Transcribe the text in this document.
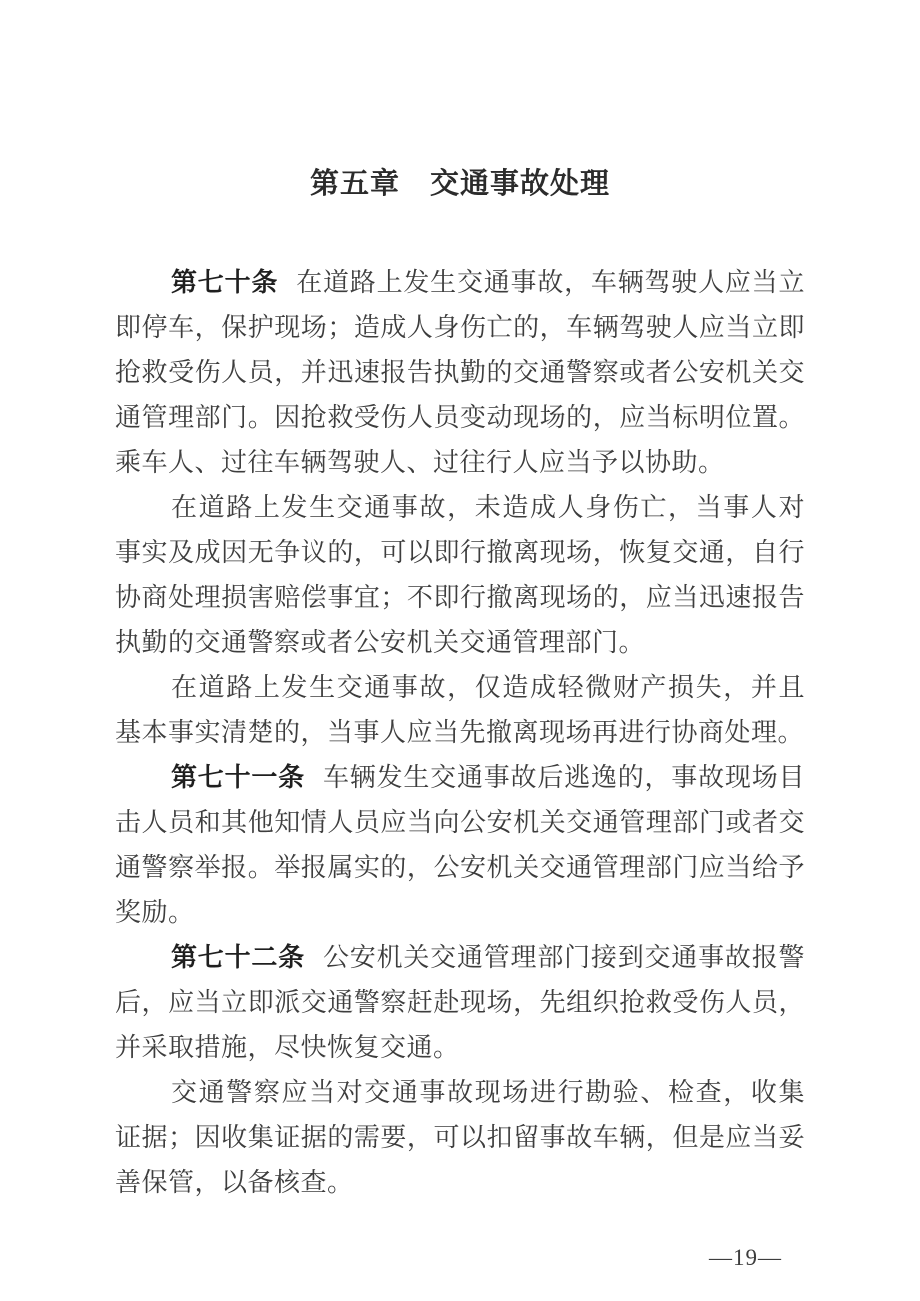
第五章　交通事故处理

第七十条 在道路上发生交通事故，车辆驾驶人应当立即停车，保护现场；造成人身伤亡的，车辆驾驶人应当立即抢救受伤人员，并迅速报告执勤的交通警察或者公安机关交通管理部门。因抢救受伤人员变动现场的，应当标明位置。乘车人、过往车辆驾驶人、过往行人应当予以协助。

在道路上发生交通事故，未造成人身伤亡，当事人对事实及成因无争议的，可以即行撤离现场，恢复交通，自行协商处理损害赔偿事宜；不即行撤离现场的，应当迅速报告执勤的交通警察或者公安机关交通管理部门。

在道路上发生交通事故，仅造成轻微财产损失，并且基本事实清楚的，当事人应当先撤离现场再进行协商处理。

第七十一条 车辆发生交通事故后逃逸的，事故现场目击人员和其他知情人员应当向公安机关交通管理部门或者交通警察举报。举报属实的，公安机关交通管理部门应当给予奖励。

第七十二条 公安机关交通管理部门接到交通事故报警后，应当立即派交通警察赶赴现场，先组织抢救受伤人员，并采取措施，尽快恢复交通。

交通警察应当对交通事故现场进行勘验、检查，收集证据；因收集证据的需要，可以扣留事故车辆，但是应当妥善保管，以备核查。

—19—
